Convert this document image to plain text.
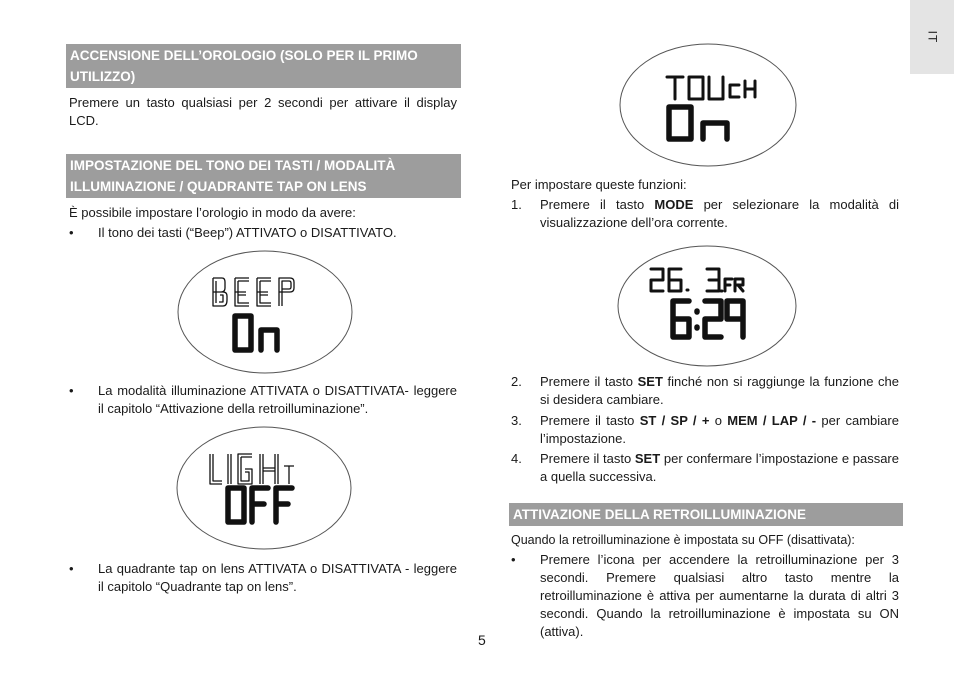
IT
ACCENSIONE DELL’OROLOGIO (SOLO PER IL PRIMO UTILIZZO)
Premere un tasto qualsiasi per 2 secondi per attivare il display LCD.
IMPOSTAZIONE DEL TONO DEI TASTI / MODALITÀ ILLUMINAZIONE / QUADRANTE TAP ON LENS
È possibile impostare l’orologio in modo da avere:
• Il tono dei tasti (“Beep”) ATTIVATO o DISATTIVATO.
• La modalità illuminazione ATTIVATA o DISATTIVATA- leggere il capitolo “Attivazione della retroilluminazione”.
• La quadrante tap on lens ATTIVATA o DISATTIVATA - leggere il capitolo “Quadrante tap on lens”.
Per impostare queste funzioni:
1. Premere il tasto MODE per selezionare la modalità di visualizzazione dell’ora corrente.
2. Premere il tasto SET finché non si raggiunge la funzione che si desidera cambiare.
3. Premere il tasto ST / SP / + o MEM / LAP / - per cambiare l’impostazione.
4. Premere il tasto SET per confermare l’impostazione e passare a quella successiva.
ATTIVAZIONE DELLA RETROILLUMINAZIONE
Quando la retroilluminazione è impostata su OFF (disattivata):
• Premere l’icona per accendere la retroilluminazione per 3 secondi. Premere qualsiasi altro tasto mentre la retroilluminazione è attiva per aumentarne la durata di altri 3 secondi. Quando la retroilluminazione è impostata su ON (attiva).
5
